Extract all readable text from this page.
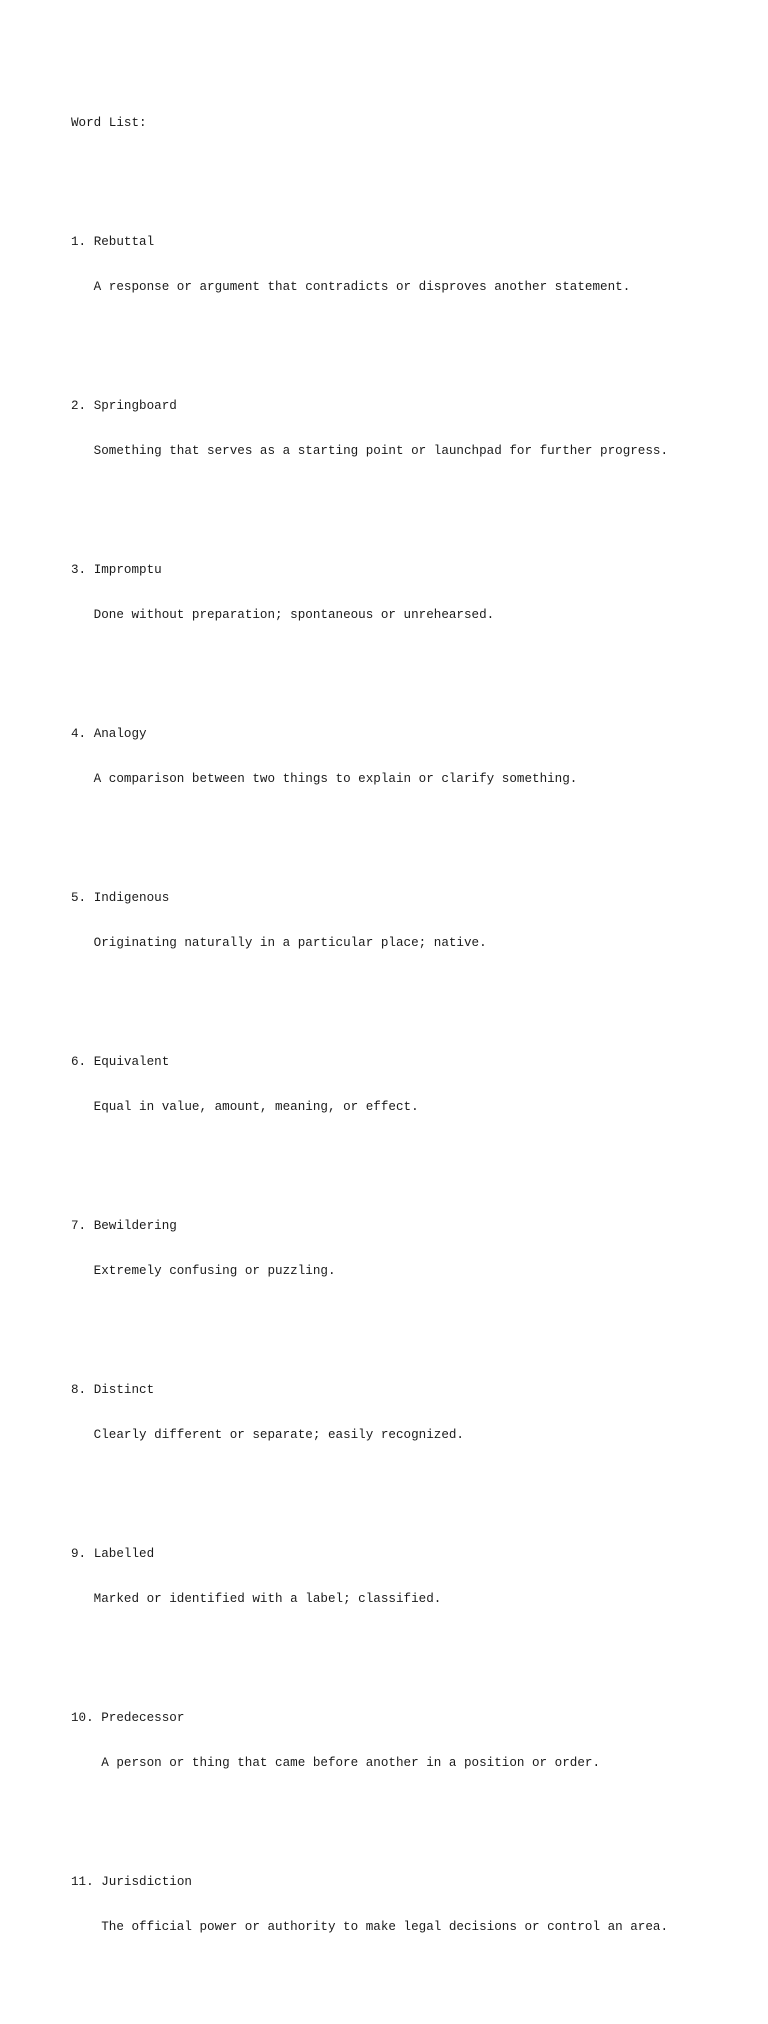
Word List:

1. Rebuttal

A response or argument that contradicts or disproves another statement.

2. Springboard

Something that serves as a starting point or launchpad for further progress.

3. Impromptu

Done without preparation; spontaneous or unrehearsed.

4. Analogy

A comparison between two things to explain or clarify something.

5. Indigenous

Originating naturally in a particular place; native.

6. Equivalent

Equal in value, amount, meaning, or effect.

7. Bewildering

Extremely confusing or puzzling.

8. Distinct

Clearly different or separate; easily recognized.

9. Labelled

Marked or identified with a label; classified.

10. Predecessor

A person or thing that came before another in a position or order.

11. Jurisdiction

The official power or authority to make legal decisions or control an area.
